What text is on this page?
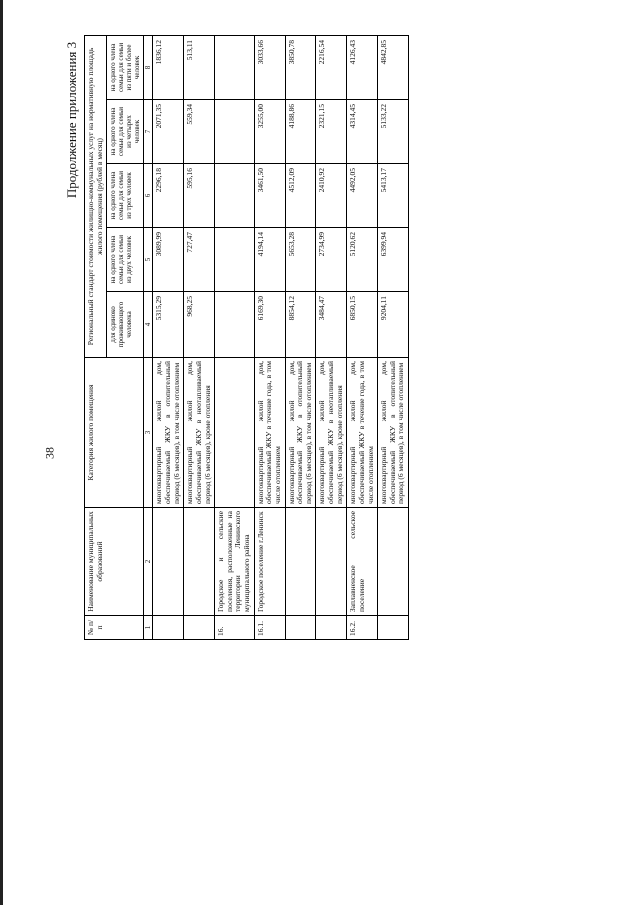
38
Продолжение приложения 3
№ п/п	Наименование муниципальных образований	Категория жилого помещения	Региональный стандарт стоимости жилищно-коммунальных услуг на нормативную площадь жилого помещения (рублей в месяц)				
			для одиноко проживающего человека	на одного члена семьи для семьи из двух человек	на одного члена семьи для семьи из трех человек	на одного члена семьи для семьи из четырех человек	на одного члена семьи для семьи из пяти и более человек
1	2	3	4	5	6	7	8
		многоквартирный жилой дом, обеспечиваемый ЖКУ в отопительный период (6 месяцев), в том числе отоплением	5315,29	3089,99	2296,18	2071,35	1836,12
		многоквартирный жилой дом, обеспечиваемый ЖКУ в неотапливаемый период (6 месяцев), кроме отопления	968,25	727,47	595,16	559,34	513,11
16.	Городское и сельские поселения, расположенные на территории Ленинского муниципального района						
16.1.	Городское поселение г.Ленинск	многоквартирный жилой дом, обеспечиваемый ЖКУ в течение года, в том числе отоплением	6169,30	4194,14	3461,50	3255,00	3033,66
		многоквартирный жилой дом, обеспечиваемый ЖКУ в отопительный период (6 месяцев), в том числе отоплением	8854,12	5653,28	4512,09	4188,86	3850,78
		многоквартирный жилой дом, обеспечиваемый ЖКУ в неотапливаемый период (6 месяцев), кроме отопления	3484,47	2734,99	2410,92	2321,15	2216,54
16.2.	Заплавненское сельское поселение	многоквартирный жилой дом, обеспечиваемый ЖКУ в течение года, в том числе отоплением	6850,15	5120,62	4492,05	4314,45	4126,43
		многоквартирный жилой дом, обеспечиваемый ЖКУ в отопительный период (6 месяцев), в том числе отоплением	9204,11	6399,94	5413,17	5133,22	4842,85
